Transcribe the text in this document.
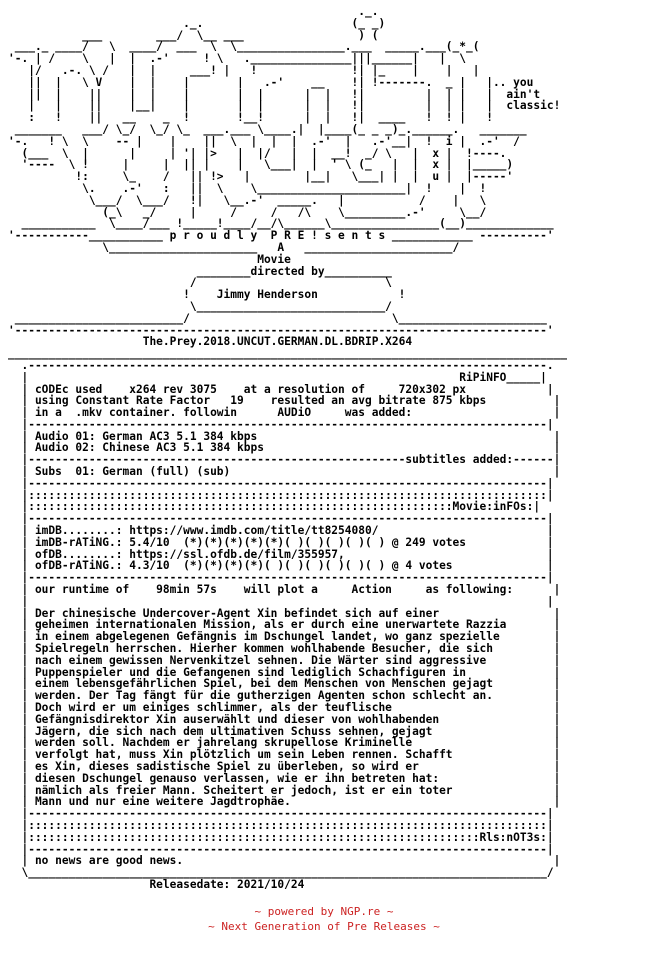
._.
._.                      (_ _)
___        ___/  \__ ___                 ) (
___._ ____/   \  ____/  ___  \  \________________.___  _____.___(_*_(
'-. | /    \   |  |  .-'     ! \   ._______________|||______|   |  \
|/   .-. \ /   |  |     ___! |   !              !| |_    |    |   |
||  |   \ V    |  |    |       |   .-'    __    !| !-------.  _ |   |.. you
||  |    ||    |  |    |       |  |      |  |   !|         |  | |   |  ain't
|   |    ||    |__|    |       |  |      |  |   !|         |  | |   |  classic!
:   !    ||   __    _  !       !__!      |  |   !|  ____   !  ! |   !
_______   ___/ \_/  \_/ \_  ___.___ \____.|  |____(_ _ _)_.______.   _______
'-.   ! \  \    -- |    |    ||  \  |  |  |  .-'  |   .-'__|  !  i |  .-'  /
(___  \  |      |     | '| |>   |  |/   |  |  __!  _/ \   |  x |  !----.
'----  \ !     |     |  || |    |   \___|  |  ' \ (_   |  |  x |  |_____)
!:     \_    /   || !>   |        |__|   \___| |  |  u |  |-----'
\.    .-'   :   ||  \    \______________________|  !    |  !
\___/  \___/   !|   \__.-'  _____.   |           /    |   \
(_\   _/     |     /     /   /\    \_________.-'     \__/
___________  \____/___ !_____!____/__/\______\________________(__)_____________
'-----------___________ p r o u d l y  P R E ! s e n t s ____________ ----------'
\______________________   A   ______________________/
Movie
________directed by__________
/                            \
!    Jimmy Henderson            !
\____________________________/
_________________________/                              \______________________
'-------------------------------------------------------------------------------'
The.Prey.2018.UNCUT.GERMAN.DL.BDRIP.X264
___________________________________________________________________________________
.-----------------------------------------------------------------------------.
|                                                                RiPiNFO_____|
| cODEc used    x264 rev 3075    at a resolution of     720x302 px            |
| using Constant Rate Factor   19    resulted an avg bitrate 875 kbps          |
| in a  .mkv container. followin      AUDiO     was added:                     |
|-----------------------------------------------------------------------------|
| Audio 01: German AC3 5.1 384 kbps                                            |
| Audio 02: Chinese AC3 5.1 384 kbps                                           |
|--------------------------------------------------------subtitles added:------|
| Subs  01: German (full) (sub)                                                |
|-----------------------------------------------------------------------------|
|:::::::::::::::::::::::::::::::::::::::::::::::::::::::::::::::::::::::::::::|
|:::::::::::::::::::::::::::::::::::::::::::::::::::::::::::::::Movie:inFOs:|
|-----------------------------------------------------------------------------|
| imDB........: https://www.imdb.com/title/tt8254080/                         |
| imDB-rATiNG.: 5.4/10  (*)(*)(*)(*)(*)( )( )( )( )( ) @ 249 votes            |
| ofDB........: https://ssl.ofdb.de/film/355957,                              |
| ofDB-rATiNG.: 4.3/10  (*)(*)(*)(*)( )( )( )( )( )( ) @ 4 votes              |
|-----------------------------------------------------------------------------|
| our runtime of    98min 57s    will plot a     Action     as following:      |
|                                                                             |
| Der chinesische Undercover-Agent Xin befindet sich auf einer                 |
| geheimen internationalen Mission, als er durch eine unerwartete Razzia       |
| in einem abgelegenen Gefängnis im Dschungel landet, wo ganz spezielle        |
| Spielregeln herrschen. Hierher kommen wohlhabende Besucher, die sich         |
| nach einem gewissen Nervenkitzel sehnen. Die Wärter sind aggressive          |
| Puppenspieler und die Gefangenen sind lediglich Schachfiguren in             |
| einem lebensgefährlichen Spiel, bei dem Menschen von Menschen gejagt         |
| werden. Der Tag fängt für die gutherzigen Agenten schon schlecht an.         |
| Doch wird er um einiges schlimmer, als der teuflische                        |
| Gefängnisdirektor Xin auserwählt und dieser von wohlhabenden                 |
| Jägern, die sich nach dem ultimativen Schuss sehnen, gejagt                  |
| werden soll. Nachdem er jahrelang skrupellose Kriminelle                     |
| verfolgt hat, muss Xin plötzlich um sein Leben rennen. Schafft               |
| es Xin, dieses sadistische Spiel zu überleben, so wird er                    |
| diesen Dschungel genauso verlassen, wie er ihn betreten hat:                 |
| nämlich als freier Mann. Scheitert er jedoch, ist er ein toter               |
| Mann und nur eine weitere Jagdtrophäe.                                       |
|-----------------------------------------------------------------------------|
|:::::::::::::::::::::::::::::::::::::::::::::::::::::::::::::::::::::::::::::|
|:::::::::::::::::::::::::::::::::::::::::::::::::::::::::::::::::::Rls:nOT3s:|
|-----------------------------------------------------------------------------|
| no news are good news.                                                       |
\_____________________________________________________________________________/
Releasedate: 2021/10/24

~ powered by NGP.re ~
~ Next Generation of Pre Releases ~
